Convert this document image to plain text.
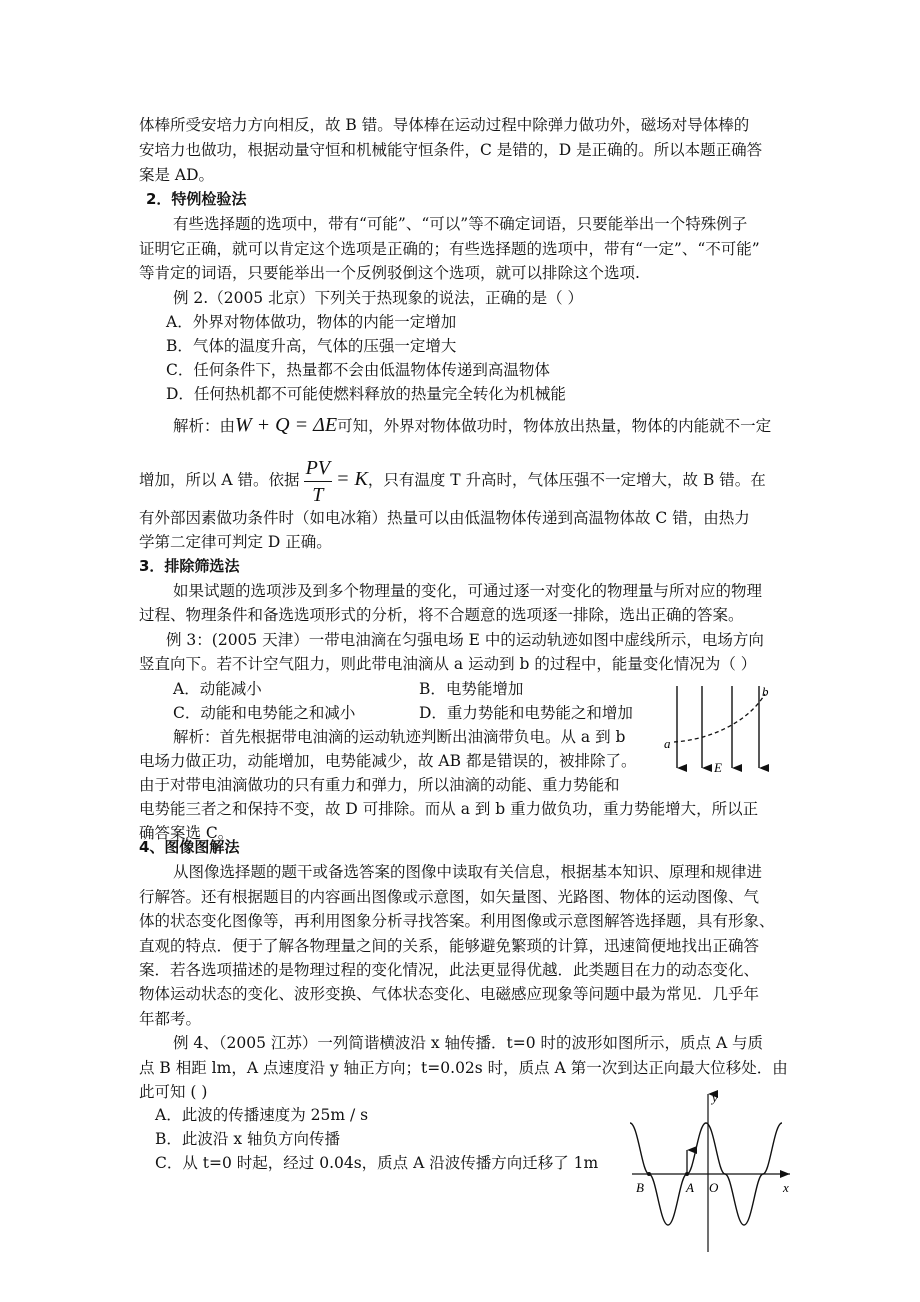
体棒所受安培力方向相反，故 B 错。导体棒在运动过程中除弹力做功外，磁场对导体棒的
安培力也做功，根据动量守恒和机械能守恒条件，C 是错的，D 是正确的。所以本题正确答
案是 AD。
2．特例检验法
有些选择题的选项中，带有“可能”、“可以”等不确定词语，只要能举出一个特殊例子
证明它正确，就可以肯定这个选项是正确的；有些选择题的选项中，带有“一定”、“不可能”
等肯定的词语，只要能举出一个反例驳倒这个选项，就可以排除这个选项.
例 2.（2005 北京）下列关于热现象的说法，正确的是（ ）
A．外界对物体做功，物体的内能一定增加
B．气体的温度升高，气体的压强一定增大
C．任何条件下，热量都不会由低温物体传递到高温物体
D．任何热机都不可能使燃料释放的热量完全转化为机械能
解析：由W + Q = ΔE可知，外界对物体做功时，物体放出热量，物体的内能就不一定
增加，所以 A 错。依据 $\frac{PV}{T} = K$，只有温度 T 升高时，气体压强不一定增大，故 B 错。在
有外部因素做功条件时（如电冰箱）热量可以由低温物体传递到高温物体故 C 错，由热力
学第二定律可判定 D 正确。
3．排除筛选法
如果试题的选项涉及到多个物理量的变化，可通过逐一对变化的物理量与所对应的物理
过程、物理条件和备选选项形式的分析，将不合题意的选项逐一排除，选出正确的答案。
例 3：(2005 天津）一带电油滴在匀强电场 E 中的运动轨迹如图中虚线所示，电场方向
竖直向下。若不计空气阻力，则此带电油滴从 a 运动到 b 的过程中，能量变化情况为（ ）
A．动能减小	B．电势能增加
C．动能和电势能之和减小	D．重力势能和电势能之和增加
解析：首先根据带电油滴的运动轨迹判断出油滴带负电。从 a 到 b
电场力做正功，动能增加，电势能减少，故 AB 都是错误的，被排除了。
由于对带电油滴做功的只有重力和弹力，所以油滴的动能、重力势能和
电势能三者之和保持不变，故 D 可排除。而从 a 到 b 重力做负功，重力势能增大，所以正
确答案选 C。
a
b
E
4、图像图解法
从图像选择题的题干或备选答案的图像中读取有关信息，根据基本知识、原理和规律进
行解答。还有根据题目的内容画出图像或示意图，如矢量图、光路图、物体的运动图像、气
体的状态变化图像等，再利用图象分析寻找答案。利用图像或示意图解答选择题，具有形象、
直观的特点．便于了解各物理量之间的关系，能够避免繁琐的计算，迅速简便地找出正确答
案．若各选项描述的是物理过程的变化情况，此法更显得优越．此类题目在力的动态变化、
物体运动状态的变化、波形变换、气体状态变化、电磁感应现象等问题中最为常见．几乎年
年都考。
例 4、（2005 江苏）一列简谐横波沿 x 轴传播．t=0 时的波形如图所示，质点 A 与质
点 B 相距 lm，A 点速度沿 y 轴正方向；t=0.02s 时，质点 A 第一次到达正向最大位移处．由
此可知 ( )
A．此波的传播速度为 25m / s
B．此波沿 x 轴负方向传播
C．从 t=0 时起，经过 0.04s，质点 A 沿波传播方向迁移了 1m
y
x
B	A O
